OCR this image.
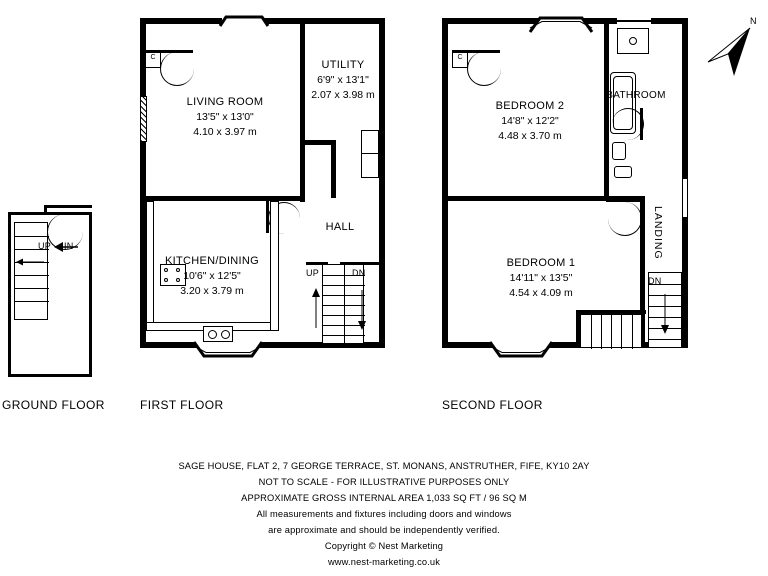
UP IN
GROUND FLOOR
C
UP	DN
LIVING ROOM
13'5" x 13'0"
4.10 x 3.97 m
UTILITY
6'9" x 13'1"
2.07 x 3.98 m
KITCHEN/DINING
10'6" x 12'5"
3.20 x 3.79 m
HALL
FIRST FLOOR
C
DN
BEDROOM 2
14'8" x 12'2"
4.48 x 3.70 m
BATHROOM
BEDROOM 1
14'11" x 13'5"
4.54 x 4.09 m
LANDING
SECOND FLOOR
N
SAGE HOUSE, FLAT 2, 7 GEORGE TERRACE, ST. MONANS, ANSTRUTHER, FIFE, KY10 2AY
NOT TO SCALE - FOR ILLUSTRATIVE PURPOSES ONLY
APPROXIMATE GROSS INTERNAL AREA 1,033 SQ FT / 96 SQ M
All measurements and fixtures including doors and windows
are approximate and should be independently verified.
Copyright © Nest Marketing
www.nest-marketing.co.uk
